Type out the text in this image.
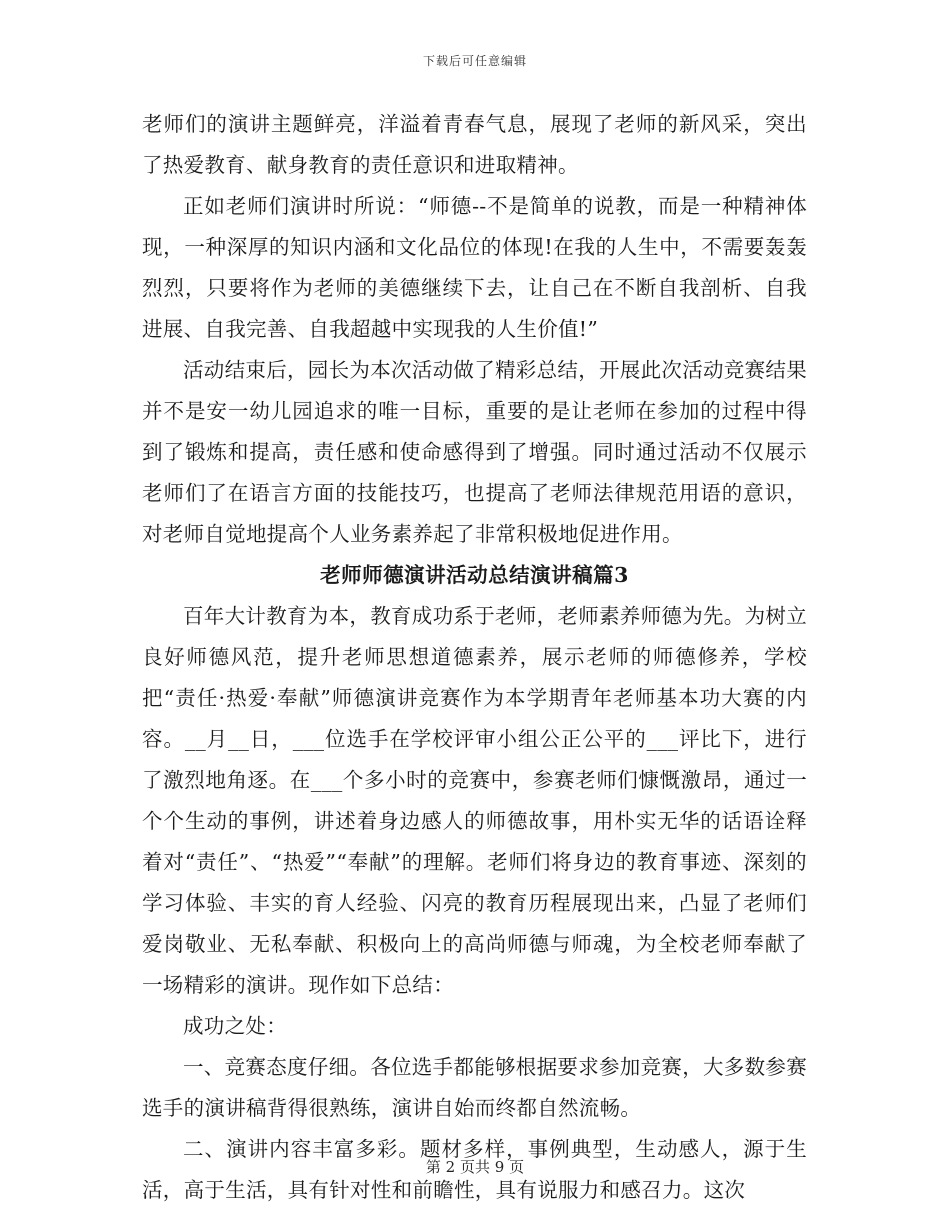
下载后可任意编辑

老师们的演讲主题鲜亮，洋溢着青春气息，展现了老师的新风采，突出了热爱教育、献身教育的责任意识和进取精神。

正如老师们演讲时所说：“师德--不是简单的说教，而是一种精神体现，一种深厚的知识内涵和文化品位的体现!在我的人生中，不需要轰轰烈烈，只要将作为老师的美德继续下去，让自己在不断自我剖析、自我进展、自我完善、自我超越中实现我的人生价值!”

活动结束后，园长为本次活动做了精彩总结，开展此次活动竞赛结果并不是安一幼儿园追求的唯一目标，重要的是让老师在参加的过程中得到了锻炼和提高，责任感和使命感得到了增强。同时通过活动不仅展示老师们了在语言方面的技能技巧，也提高了老师法律规范用语的意识，对老师自觉地提高个人业务素养起了非常积极地促进作用。

老师师德演讲活动总结演讲稿篇3

百年大计教育为本，教育成功系于老师，老师素养师德为先。为树立良好师德风范，提升老师思想道德素养，展示老师的师德修养，学校把“责任·热爱·奉献”师德演讲竞赛作为本学期青年老师基本功大赛的内容。__月__日，___位选手在学校评审小组公正公平的___评比下，进行了激烈地角逐。在___个多小时的竞赛中，参赛老师们慷慨激昂，通过一个个生动的事例，讲述着身边感人的师德故事，用朴实无华的话语诠释着对“责任”、“热爱”“奉献”的理解。老师们将身边的教育事迹、深刻的学习体验、丰实的育人经验、闪亮的教育历程展现出来，凸显了老师们爱岗敬业、无私奉献、积极向上的高尚师德与师魂，为全校老师奉献了一场精彩的演讲。现作如下总结：

成功之处：

一、竞赛态度仔细。各位选手都能够根据要求参加竞赛，大多数参赛选手的演讲稿背得很熟练，演讲自始而终都自然流畅。

二、演讲内容丰富多彩。题材多样，事例典型，生动感人，源于生活，高于生活，具有针对性和前瞻性，具有说服力和感召力。这次

第 2 页共 9 页
